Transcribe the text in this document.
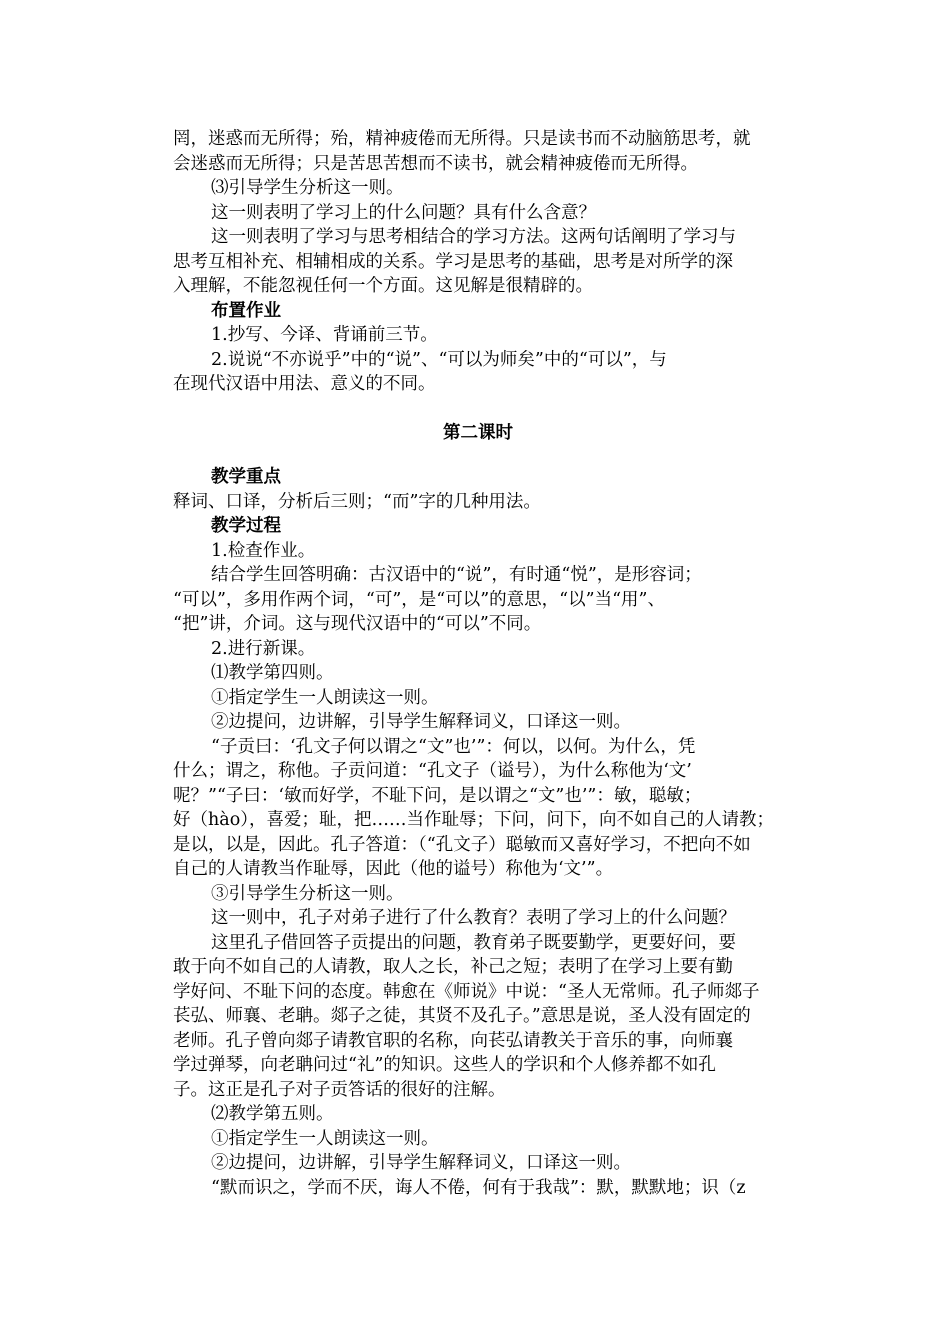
罔，迷惑而无所得；殆，精神疲倦而无所得。只是读书而不动脑筋思考，就
会迷惑而无所得；只是苦思苦想而不读书，就会精神疲倦而无所得。
⑶引导学生分析这一则。
这一则表明了学习上的什么问题？具有什么含意？
这一则表明了学习与思考相结合的学习方法。这两句话阐明了学习与
思考互相补充、相辅相成的关系。学习是思考的基础，思考是对所学的深
入理解，不能忽视任何一个方面。这见解是很精辟的。
布置作业
1.抄写、今译、背诵前三节。
2.说说“不亦说乎”中的“说”、“可以为师矣”中的“可以”，与
在现代汉语中用法、意义的不同。
第二课时
教学重点
释词、口译，分析后三则；“而”字的几种用法。
教学过程
1.检查作业。
结合学生回答明确：古汉语中的“说”，有时通“悦”，是形容词；
“可以”，多用作两个词，“可”，是“可以”的意思，“以”当“用”、
“把”讲，介词。这与现代汉语中的“可以”不同。
2.进行新课。
⑴教学第四则。
①指定学生一人朗读这一则。
②边提问，边讲解，引导学生解释词义，口译这一则。
“子贡曰：‘孔文子何以谓之“文”也’”：何以，以何。为什么，凭
什么；谓之，称他。子贡问道：“孔文子（谥号），为什么称他为‘文’
呢？”“子曰：‘敏而好学，不耻下问，是以谓之“文”也’”：敏，聪敏；
好（hào），喜爱；耻，把……当作耻辱；下问，问下，向不如自己的人请教；
是以，以是，因此。孔子答道：（“孔文子）聪敏而又喜好学习，不把向不如
自己的人请教当作耻辱，因此（他的谥号）称他为‘文’”。
③引导学生分析这一则。
这一则中，孔子对弟子进行了什么教育？表明了学习上的什么问题？
这里孔子借回答子贡提出的问题，教育弟子既要勤学，更要好问，要
敢于向不如自己的人请教，取人之长，补己之短；表明了在学习上要有勤
学好问、不耻下问的态度。韩愈在《师说》中说：“圣人无常师。孔子师郯子
苌弘、师襄、老聃。郯子之徒，其贤不及孔子。”意思是说，圣人没有固定的
老师。孔子曾向郯子请教官职的名称，向苌弘请教关于音乐的事，向师襄
学过弹琴，向老聃问过“礼”的知识。这些人的学识和个人修养都不如孔
子。这正是孔子对子贡答话的很好的注解。
⑵教学第五则。
①指定学生一人朗读这一则。
②边提问，边讲解，引导学生解释词义，口译这一则。
“默而识之，学而不厌，诲人不倦，何有于我哉”：默，默默地；识（z
